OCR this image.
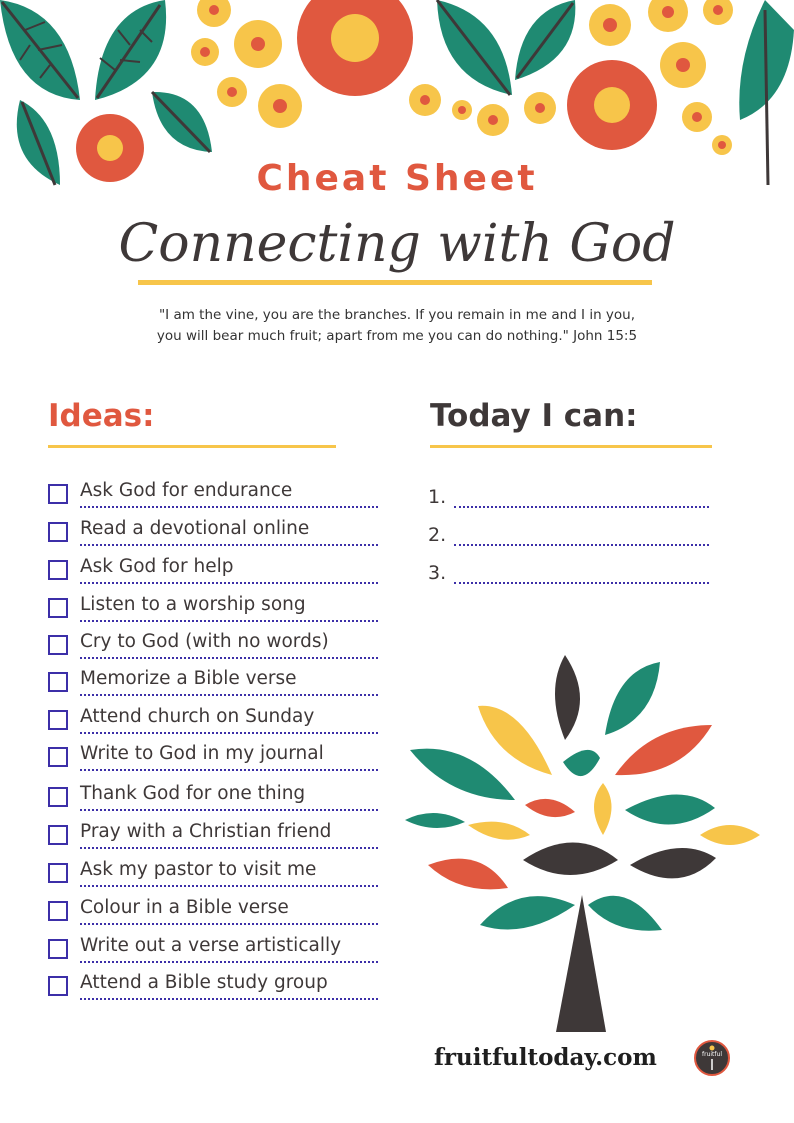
Cheat Sheet
Connecting with God
"I am the vine, you are the branches. If you remain in me and I in you,
you will bear much fruit; apart from me you can do nothing." John 15:5
Ideas:	Today I can:
Ask God for endurance
Read a devotional online
Ask God for help
Listen to a worship song
Cry to God (with no words)
Memorize a Bible verse
Attend church on Sunday
Write to God in my journal
Thank God for one thing
Pray with a Christian friend
Ask my pastor to visit me
Colour in a Bible verse
Write out a verse artistically
Attend a Bible study group
1.
2.
3.
fruitfultoday.com	fruitful
